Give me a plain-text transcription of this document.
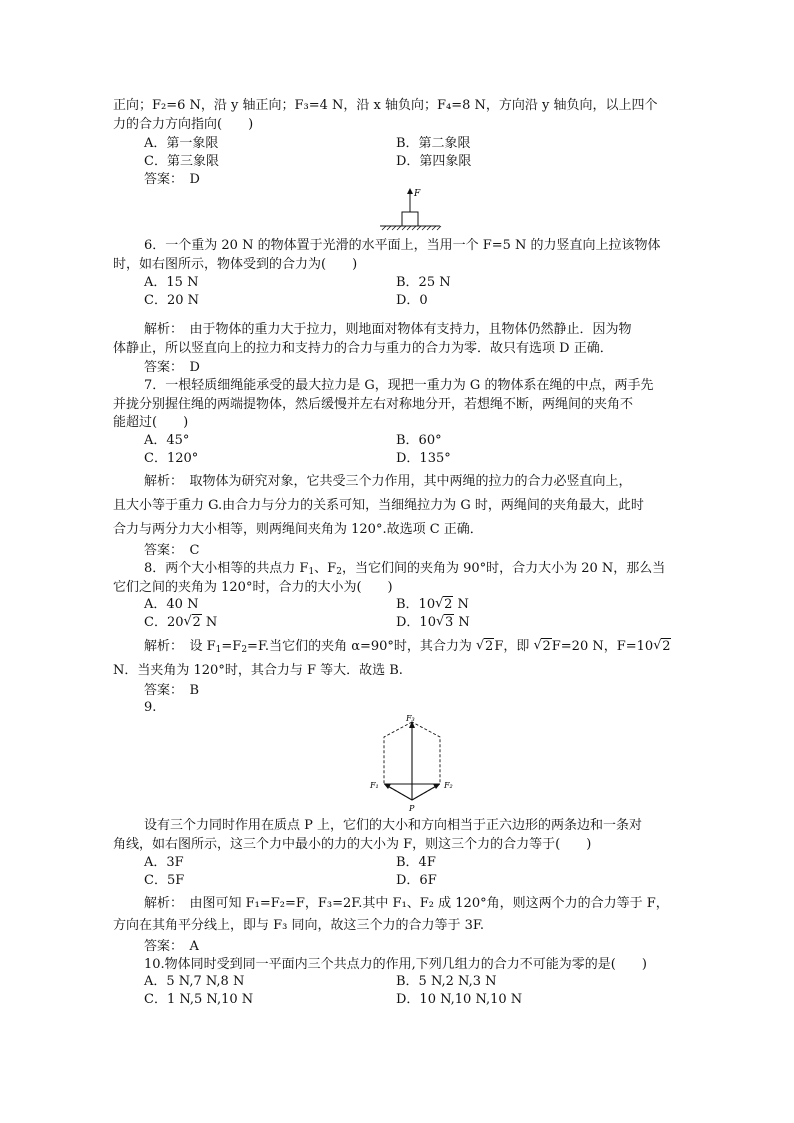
正向；F₂=6 N，沿 y 轴正向；F₃=4 N，沿 x 轴负向；F₄=8 N，方向沿 y 轴负向，以上四个
力的合力方向指向(　　)
A．第一象限	B．第二象限
C．第三象限	D．第四象限
答案：　D
F
6．一个重为 20 N 的物体置于光滑的水平面上，当用一个 F=5 N 的力竖直向上拉该物体
时，如右图所示，物体受到的合力为(　　)
A．15 N	B．25 N
C．20 N	D．0
解析：　由于物体的重力大于拉力，则地面对物体有支持力，且物体仍然静止．因为物
体静止，所以竖直向上的拉力和支持力的合力与重力的合力为零．故只有选项 D 正确．
答案：　D
7．一根轻质细绳能承受的最大拉力是 G，现把一重力为 G 的物体系在绳的中点，两手先
并拢分别握住绳的两端提物体，然后缓慢并左右对称地分开，若想绳不断，两绳间的夹角不
能超过(　　)
A．45°	B．60°
C．120°	D．135°
解析：　取物体为研究对象，它共受三个力作用，其中两绳的拉力的合力必竖直向上，
且大小等于重力 G.由合力与分力的关系可知，当细绳拉力为 G 时，两绳间的夹角最大，此时
合力与两分力大小相等，则两绳间夹角为 120°.故选项 C 正确．
答案：　C
8．两个大小相等的共点力 $F_1$、$F_2$，当它们间的夹角为 90°时，合力大小为 20 N，那么当
它们之间的夹角为 120°时，合力的大小为(　　)
A．40 N	B．10 √ 2 N
C．20 √ 2 N	D．10 √ 3 N
解析：　设 $F_1=F_2=F$.当它们的夹角 α=90°时，其合力为 √ 2F，即 √ 2F=20 N，F=10 √ 2
N．当夹角为 120°时，其合力与 F 等大．故选 B.
答案：　B
9.
F₃
F₁	F₂
P
设有三个力同时作用在质点 P 上，它们的大小和方向相当于正六边形的两条边和一条对
角线，如右图所示，这三个力中最小的力的大小为 F，则这三个力的合力等于(　　)
A．3F	B．4F
C．5F	D．6F
解析：　由图可知 F₁=F₂=F，F₃=2F.其中 F₁、F₂ 成 120°角，则这两个力的合力等于 F，
方向在其角平分线上，即与 F₃ 同向，故这三个力的合力等于 3F.
答案：　A
10.物体同时受到同一平面内三个共点力的作用,下列几组力的合力不可能为零的是(　　)
A．5 N,7 N,8 N	B．5 N,2 N,3 N
C．1 N,5 N,10 N	D．10 N,10 N,10 N
